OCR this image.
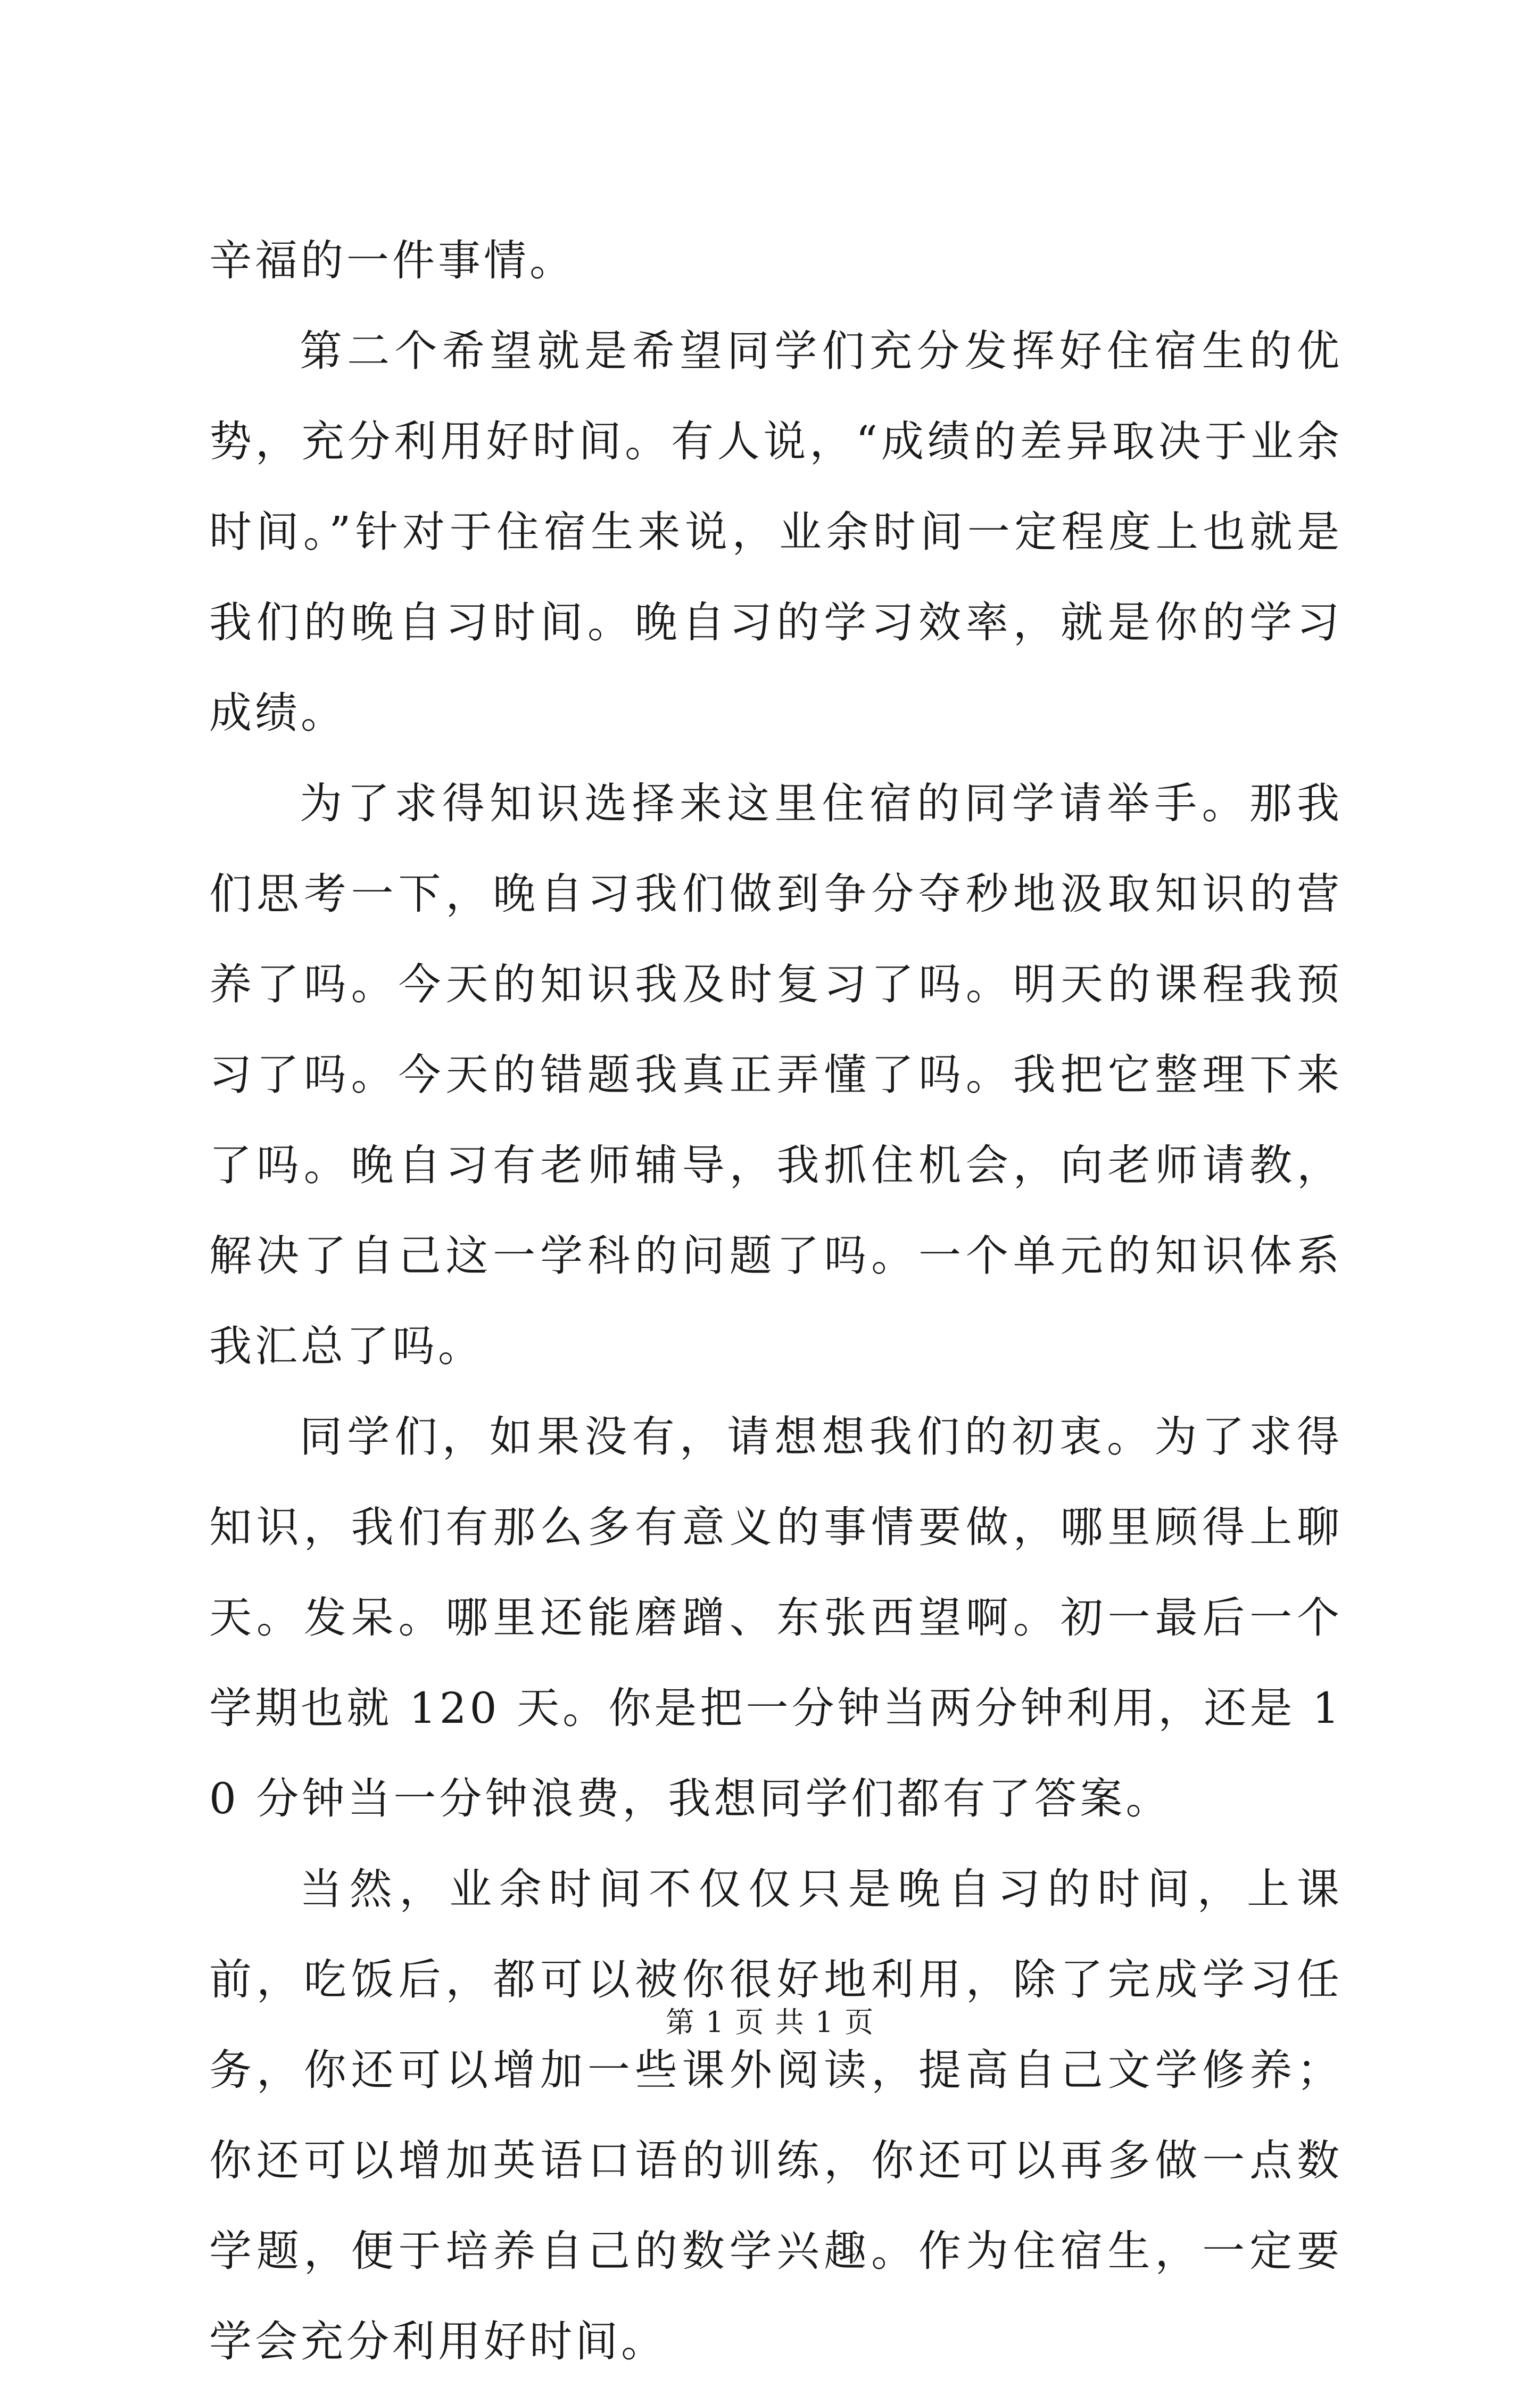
辛福的一件事情。

第二个希望就是希望同学们充分发挥好住宿生的优势，充分利用好时间。有人说，“成绩的差异取决于业余时间。”针对于住宿生来说，业余时间一定程度上也就是我们的晚自习时间。晚自习的学习效率，就是你的学习成绩。

为了求得知识选择来这里住宿的同学请举手。那我们思考一下，晚自习我们做到争分夺秒地汲取知识的营养了吗。今天的知识我及时复习了吗。明天的课程我预习了吗。今天的错题我真正弄懂了吗。我把它整理下来了吗。晚自习有老师辅导，我抓住机会，向老师请教，解决了自己这一学科的问题了吗。一个单元的知识体系我汇总了吗。

同学们，如果没有，请想想我们的初衷。为了求得知识，我们有那么多有意义的事情要做，哪里顾得上聊天。发呆。哪里还能磨蹭、东张西望啊。初一最后一个学期也就 120 天。你是把一分钟当两分钟利用，还是 10 分钟当一分钟浪费，我想同学们都有了答案。

当然，业余时间不仅仅只是晚自习的时间，上课前，吃饭后，都可以被你很好地利用，除了完成学习任务，你还可以增加一些课外阅读，提高自己文学修养；你还可以增加英语口语的训练，你还可以再多做一点数学题，便于培养自己的数学兴趣。作为住宿生，一定要学会充分利用好时间。

第 1 页 共 1 页
